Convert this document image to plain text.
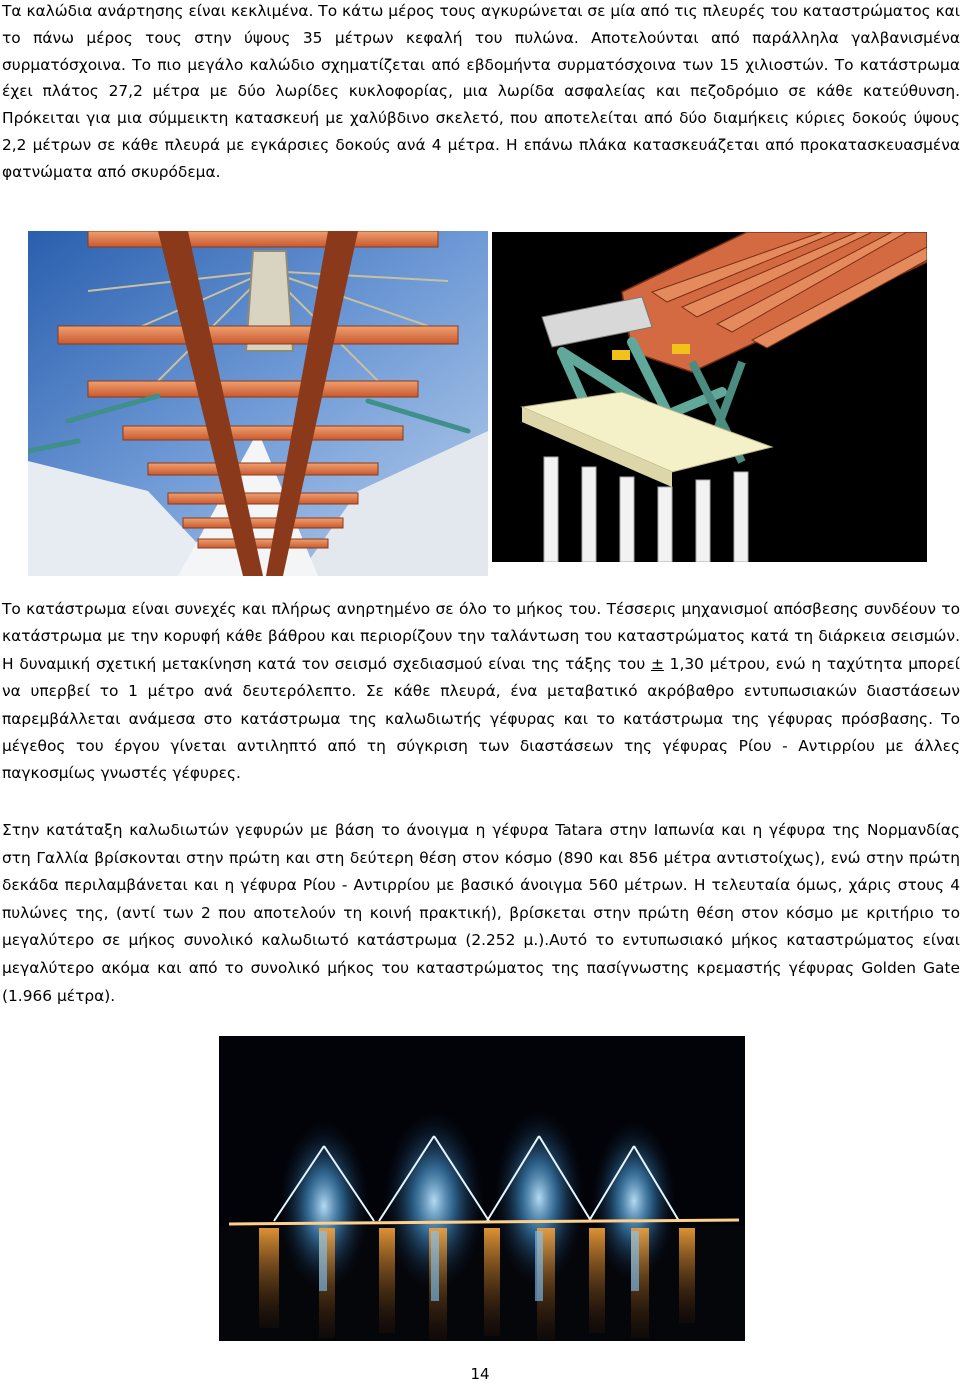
Τα καλώδια ανάρτησης είναι κεκλιμένα. Το κάτω μέρος τους αγκυρώνεται σε μία από τις πλευρές του καταστρώματος και το πάνω μέρος τους στην ύψους 35 μέτρων κεφαλή του πυλώνα. Αποτελούνται από παράλληλα γαλβανισμένα συρματόσχοινα. Το πιο μεγάλο καλώδιο σχηματίζεται από εβδομήντα συρματόσχοινα των 15 χιλιοστών. Το κατάστρωμα έχει πλάτος 27,2 μέτρα με δύο λωρίδες κυκλοφορίας, μια λωρίδα ασφαλείας και πεζοδρόμιο σε κάθε κατεύθυνση. Πρόκειται για μια σύμμεικτη κατασκευή με χαλύβδινο σκελετό, που αποτελείται από δύο διαμήκεις κύριες δοκούς ύψους 2,2 μέτρων σε κάθε πλευρά με εγκάρσιες δοκούς ανά 4 μέτρα. Η επάνω πλάκα κατασκευάζεται από προκατασκευασμένα φατνώματα από σκυρόδεμα.

Το κατάστρωμα είναι συνεχές και πλήρως ανηρτημένο σε όλο το μήκος του. Τέσσερις μηχανισμοί απόσβεσης συνδέουν το κατάστρωμα με την κορυφή κάθε βάθρου και περιορίζουν την ταλάντωση του καταστρώματος κατά τη διάρκεια σεισμών. Η δυναμική σχετική μετακίνηση κατά τον σεισμό σχεδιασμού είναι της τάξης του ± 1,30 μέτρου, ενώ η ταχύτητα μπορεί να υπερβεί το 1 μέτρο ανά δευτερόλεπτο. Σε κάθε πλευρά, ένα μεταβατικό ακρόβαθρο εντυπωσιακών διαστάσεων παρεμβάλλεται ανάμεσα στο κατάστρωμα της καλωδιωτής γέφυρας και το κατάστρωμα της γέφυρας πρόσβασης. Το μέγεθος του έργου γίνεται αντιληπτό από τη σύγκριση των διαστάσεων της γέφυρας Ρίου - Αντιρρίου με άλλες παγκοσμίως γνωστές γέφυρες.

Στην κατάταξη καλωδιωτών γεφυρών με βάση το άνοιγμα η γέφυρα Tatara στην Ιαπωνία και η γέφυρα της Νορμανδίας στη Γαλλία βρίσκονται στην πρώτη και στη δεύτερη θέση στον κόσμο (890 και 856 μέτρα αντιστοίχως), ενώ στην πρώτη δεκάδα περιλαμβάνεται και η γέφυρα Ρίου - Αντιρρίου με βασικό άνοιγμα 560 μέτρων. Η τελευταία όμως, χάρις στους 4 πυλώνες της, (αντί των 2 που αποτελούν τη κοινή πρακτική), βρίσκεται στην πρώτη θέση στον κόσμο με κριτήριο το μεγαλύτερο σε μήκος συνολικό καλωδιωτό κατάστρωμα (2.252 μ.).Αυτό το εντυπωσιακό μήκος καταστρώματος είναι μεγαλύτερο ακόμα και από το συνολικό μήκος του καταστρώματος της πασίγνωστης κρεμαστής γέφυρας Golden Gate (1.966 μέτρα).

14
